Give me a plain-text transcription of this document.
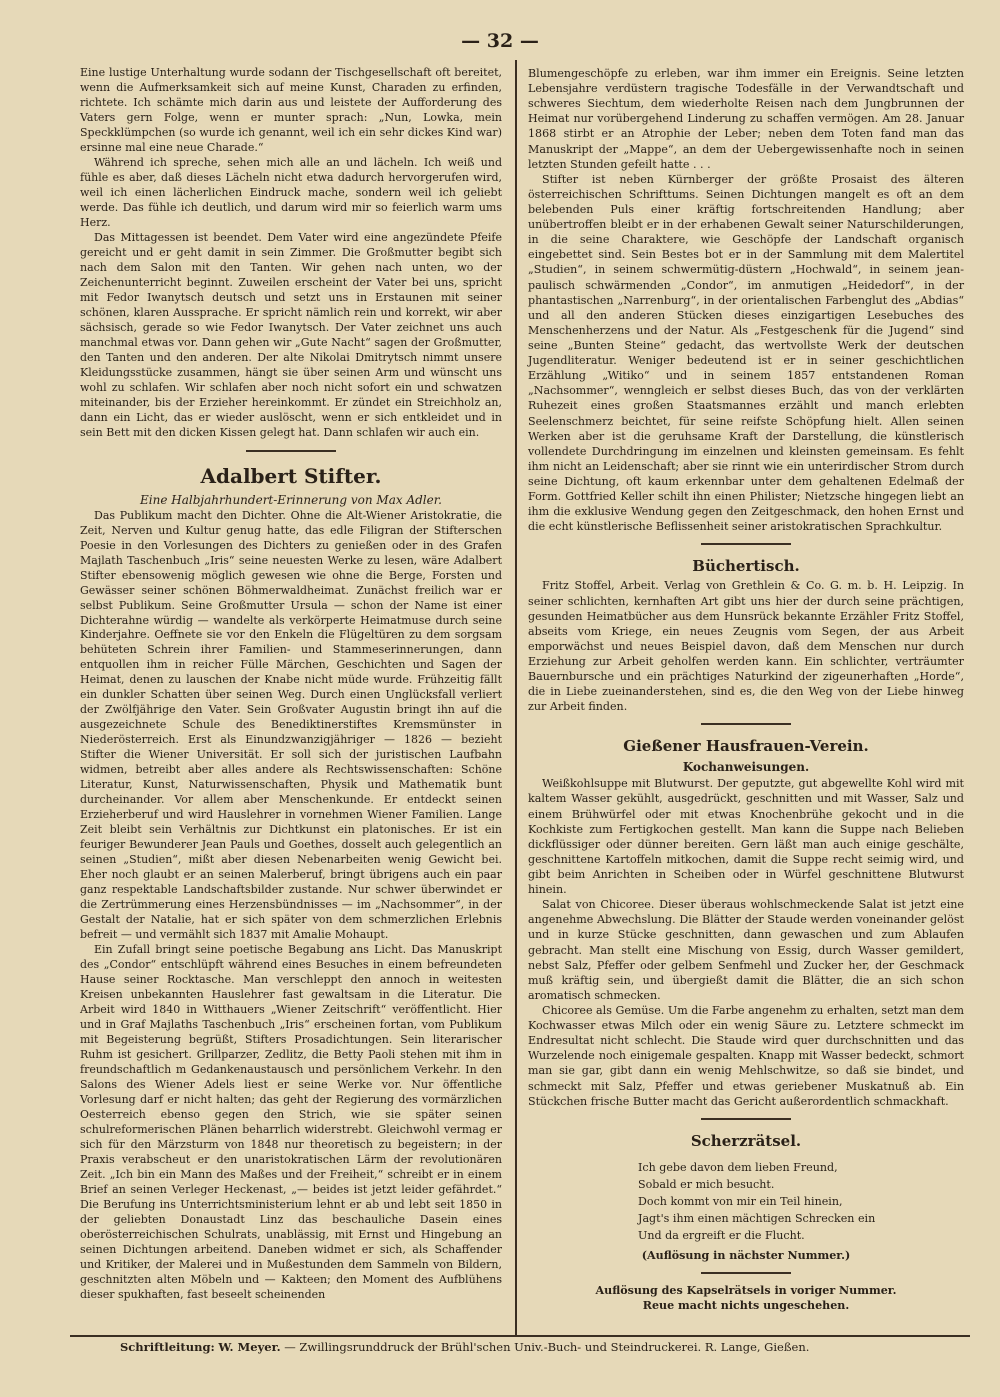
— 32 —

Eine lustige Unterhaltung wurde sodann der Tischgesellschaft oft bereitet, wenn die Aufmerksamkeit sich auf meine Kunst, Charaden zu erfinden, richtete. Ich schämte mich darin aus und leistete der Aufforderung des Vaters gern Folge, wenn er munter sprach: „Nun, Lowka, mein Speckklümpchen (so wurde ich genannt, weil ich ein sehr dickes Kind war) ersinne mal eine neue Charade.“

Während ich spreche, sehen mich alle an und lächeln. Ich weiß und fühle es aber, daß dieses Lächeln nicht etwa dadurch hervorgerufen wird, weil ich einen lächerlichen Eindruck mache, sondern weil ich geliebt werde. Das fühle ich deutlich, und darum wird mir so feierlich warm ums Herz.

Das Mittagessen ist beendet. Dem Vater wird eine angezündete Pfeife gereicht und er geht damit in sein Zimmer. Die Großmutter begibt sich nach dem Salon mit den Tanten. Wir gehen nach unten, wo der Zeichenunterricht beginnt. Zuweilen erscheint der Vater bei uns, spricht mit Fedor Iwanytsch deutsch und setzt uns in Erstaunen mit seiner schönen, klaren Aussprache. Er spricht nämlich rein und korrekt, wir aber sächsisch, gerade so wie Fedor Iwanytsch. Der Vater zeichnet uns auch manchmal etwas vor. Dann gehen wir „Gute Nacht“ sagen der Großmutter, den Tanten und den anderen. Der alte Nikolai Dmitrytsch nimmt unsere Kleidungsstücke zusammen, hängt sie über seinen Arm und wünscht uns wohl zu schlafen. Wir schlafen aber noch nicht sofort ein und schwatzen miteinander, bis der Erzieher hereinkommt. Er zündet ein Streichholz an, dann ein Licht, das er wieder auslöscht, wenn er sich entkleidet und in sein Bett mit den dicken Kissen gelegt hat. Dann schlafen wir auch ein.

Adalbert Stifter.

Eine Halbjahrhundert-Erinnerung von Max Adler.

Das Publikum macht den Dichter. Ohne die Alt-Wiener Aristokratie, die Zeit, Nerven und Kultur genug hatte, das edle Filigran der Stifterschen Poesie in den Vorlesungen des Dichters zu genießen oder in des Grafen Majlath Taschenbuch „Iris“ seine neuesten Werke zu lesen, wäre Adalbert Stifter ebensowenig möglich gewesen wie ohne die Berge, Forsten und Gewässer seiner schönen Böhmerwaldheimat. Zunächst freilich war er selbst Publikum. Seine Großmutter Ursula — schon der Name ist einer Dichterahne würdig — wandelte als verkörperte Heimatmuse durch seine Kinderjahre. Oeffnete sie vor den Enkeln die Flügeltüren zu dem sorgsam behüteten Schrein ihrer Familien- und Stammeserinnerungen, dann entquollen ihm in reicher Fülle Märchen, Geschichten und Sagen der Heimat, denen zu lauschen der Knabe nicht müde wurde. Frühzeitig fällt ein dunkler Schatten über seinen Weg. Durch einen Unglücksfall verliert der Zwölfjährige den Vater. Sein Großvater Augustin bringt ihn auf die ausgezeichnete Schule des Benediktinerstiftes Kremsmünster in Niederösterreich. Erst als Einundzwanzigjähriger — 1826 — bezieht Stifter die Wiener Universität. Er soll sich der juristischen Laufbahn widmen, betreibt aber alles andere als Rechtswissenschaften: Schöne Literatur, Kunst, Naturwissenschaften, Physik und Mathematik bunt durcheinander. Vor allem aber Menschenkunde. Er entdeckt seinen Erzieherberuf und wird Hauslehrer in vornehmen Wiener Familien. Lange Zeit bleibt sein Verhältnis zur Dichtkunst ein platonisches. Er ist ein feuriger Bewunderer Jean Pauls und Goethes, dosselt auch gelegentlich an seinen „Studien“, mißt aber diesen Nebenarbeiten wenig Gewicht bei. Eher noch glaubt er an seinen Malerberuf, bringt übrigens auch ein paar ganz respektable Landschaftsbilder zustande. Nur schwer überwindet er die Zertrümmerung eines Herzensbündnisses — im „Nachsommer“, in der Gestalt der Natalie, hat er sich später von dem schmerzlichen Erlebnis befreit — und vermählt sich 1837 mit Amalie Mohaupt.

Ein Zufall bringt seine poetische Begabung ans Licht. Das Manuskript des „Condor“ entschlüpft während eines Besuches in einem befreundeten Hause seiner Rocktasche. Man verschleppt den annoch in weitesten Kreisen unbekannten Hauslehrer fast gewaltsam in die Literatur. Die Arbeit wird 1840 in Witthauers „Wiener Zeitschrift“ veröffentlicht. Hier und in Graf Majlaths Taschenbuch „Iris“ erscheinen fortan, vom Publikum mit Begeisterung begrüßt, Stifters Prosadichtungen. Sein literarischer Ruhm ist gesichert. Grillparzer, Zedlitz, die Betty Paoli stehen mit ihm in freundschaftlich m Gedankenaustausch und persönlichem Verkehr. In den Salons des Wiener Adels liest er seine Werke vor. Nur öffentliche Vorlesung darf er nicht halten; das geht der Regierung des vormärzlichen Oesterreich ebenso gegen den Strich, wie sie später seinen schulreformerischen Plänen beharrlich widerstrebt. Gleichwohl vermag er sich für den Märzsturm von 1848 nur theoretisch zu begeistern; in der Praxis verabscheut er den unaristokratischen Lärm der revolutionären Zeit. „Ich bin ein Mann des Maßes und der Freiheit,“ schreibt er in einem Brief an seinen Verleger Heckenast, „— beides ist jetzt leider gefährdet.“ Die Berufung ins Unterrichtsministerium lehnt er ab und lebt seit 1850 in der geliebten Donaustadt Linz das beschauliche Dasein eines oberösterreichischen Schulrats, unablässig, mit Ernst und Hingebung an seinen Dichtungen arbeitend. Daneben widmet er sich, als Schaffender und Kritiker, der Malerei und in Mußestunden dem Sammeln von Bildern, geschnitzten alten Möbeln und — Kakteen; den Moment des Aufblühens dieser spukhaften, fast beseelt scheinenden

Blumengeschöpfe zu erleben, war ihm immer ein Ereignis. Seine letzten Lebensjahre verdüstern tragische Todesfälle in der Verwandtschaft und schweres Siechtum, dem wiederholte Reisen nach dem Jungbrunnen der Heimat nur vorübergehend Linderung zu schaffen vermögen. Am 28. Januar 1868 stirbt er an Atrophie der Leber; neben dem Toten fand man das Manuskript der „Mappe“, an dem der Uebergewissenhafte noch in seinen letzten Stunden gefeilt hatte . . .

Stifter ist neben Kürnberger der größte Prosaist des älteren österreichischen Schrifttums. Seinen Dichtungen mangelt es oft an dem belebenden Puls einer kräftig fortschreitenden Handlung; aber unübertroffen bleibt er in der erhabenen Gewalt seiner Naturschilderungen, in die seine Charaktere, wie Geschöpfe der Landschaft organisch eingebettet sind. Sein Bestes bot er in der Sammlung mit dem Malertitel „Studien“, in seinem schwermütig-düstern „Hochwald“, in seinem jean-paulisch schwärmenden „Condor“, im anmutigen „Heidedorf“, in der phantastischen „Narrenburg“, in der orientalischen Farbenglut des „Abdias“ und all den anderen Stücken dieses einzigartigen Lesebuches des Menschenherzens und der Natur. Als „Festgeschenk für die Jugend“ sind seine „Bunten Steine“ gedacht, das wertvollste Werk der deutschen Jugendliteratur. Weniger bedeutend ist er in seiner geschichtlichen Erzählung „Witiko“ und in seinem 1857 entstandenen Roman „Nachsommer“, wenngleich er selbst dieses Buch, das von der verklärten Ruhezeit eines großen Staatsmannes erzählt und manch erlebten Seelenschmerz beichtet, für seine reifste Schöpfung hielt. Allen seinen Werken aber ist die geruhsame Kraft der Darstellung, die künstlerisch vollendete Durchdringung im einzelnen und kleinsten gemeinsam. Es fehlt ihm nicht an Leidenschaft; aber sie rinnt wie ein unterirdischer Strom durch seine Dichtung, oft kaum erkennbar unter dem gehaltenen Edelmaß der Form. Gottfried Keller schilt ihn einen Philister; Nietzsche hingegen liebt an ihm die exklusive Wendung gegen den Zeitgeschmack, den hohen Ernst und die echt künstlerische Beflissenheit seiner aristokratischen Sprachkultur.

Büchertisch.

Fritz Stoffel, Arbeit. Verlag von Grethlein & Co. G. m. b. H. Leipzig. In seiner schlichten, kernhaften Art gibt uns hier der durch seine prächtigen, gesunden Heimatbücher aus dem Hunsrück bekannte Erzähler Fritz Stoffel, abseits vom Kriege, ein neues Zeugnis vom Segen, der aus Arbeit emporwächst und neues Beispiel davon, daß dem Menschen nur durch Erziehung zur Arbeit geholfen werden kann. Ein schlichter, verträumter Bauernbursche und ein prächtiges Naturkind der zigeunerhaften „Horde“, die in Liebe zueinanderstehen, sind es, die den Weg von der Liebe hinweg zur Arbeit finden.

Gießener Hausfrauen-Verein.

Kochanweisungen.

Weißkohlsuppe mit Blutwurst. Der geputzte, gut abgewellte Kohl wird mit kaltem Wasser gekühlt, ausgedrückt, geschnitten und mit Wasser, Salz und einem Brühwürfel oder mit etwas Knochenbrühe gekocht und in die Kochkiste zum Fertigkochen gestellt. Man kann die Suppe nach Belieben dickflüssiger oder dünner bereiten. Gern läßt man auch einige geschälte, geschnittene Kartoffeln mitkochen, damit die Suppe recht seimig wird, und gibt beim Anrichten in Scheiben oder in Würfel geschnittene Blutwurst hinein.

Salat von Chicoree. Dieser überaus wohlschmeckende Salat ist jetzt eine angenehme Abwechslung. Die Blätter der Staude werden voneinander gelöst und in kurze Stücke geschnitten, dann gewaschen und zum Ablaufen gebracht. Man stellt eine Mischung von Essig, durch Wasser gemildert, nebst Salz, Pfeffer oder gelbem Senfmehl und Zucker her, der Geschmack muß kräftig sein, und übergießt damit die Blätter, die an sich schon aromatisch schmecken.

Chicoree als Gemüse. Um die Farbe angenehm zu erhalten, setzt man dem Kochwasser etwas Milch oder ein wenig Säure zu. Letztere schmeckt im Endresultat nicht schlecht. Die Staude wird quer durchschnitten und das Wurzelende noch einigemale gespalten. Knapp mit Wasser bedeckt, schmort man sie gar, gibt dann ein wenig Mehlschwitze, so daß sie bindet, und schmeckt mit Salz, Pfeffer und etwas geriebener Muskatnuß ab. Ein Stückchen frische Butter macht das Gericht außerordentlich schmackhaft.

Scherzrätsel.

Ich gebe davon dem lieben Freund,
Sobald er mich besucht.
Doch kommt von mir ein Teil hinein,
Jagt's ihm einen mächtigen Schrecken ein
Und da ergreift er die Flucht.

(Auflösung in nächster Nummer.)

Auflösung des Kapselrätsels in voriger Nummer.

Reue macht nichts ungeschehen.

Schriftleitung: W. Meyer. — Zwillingsrunddruck der Brühl'schen Univ.-Buch- und Steindruckerei. R. Lange, Gießen.
